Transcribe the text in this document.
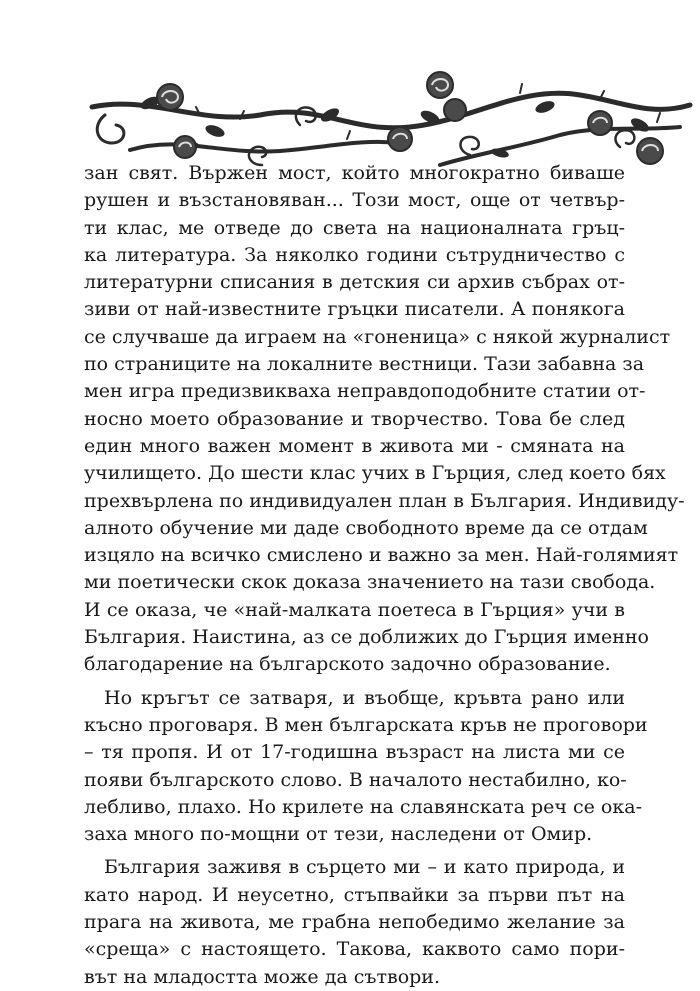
зан свят. Вържен мост, който многократно биваше
рушен и възстановяван... Този мост, още от четвър-
ти клас, ме отведе до света на националната гръц-
ка литература. За няколко години сътрудничество с
литературни списания в детския си архив събрах от-
зиви от най-известните гръцки писатели. А понякога
се случваше да играем на «гоненица» с някой журналист
по страниците на локалните вестници. Тази забавна за
мен игра предизвикваха неправдоподобните статии от-
носно моето образование и творчество. Това бе след
един много важен момент в живота ми - смяната на
училището. До шести клас учих в Гърция, след което бях
прехвърлена по индивидуален план в България. Индивиду-
алното обучение ми даде свободното време да се отдам
изцяло на всичко смислено и важно за мен. Най-голямият
ми поетически скок доказа значението на тази свобода.
И се оказа, че «най-малката поетеса в Гърция» учи в
България. Наистина, аз се доближих до Гърция именно
благодарение на българското задочно образование.
Но кръгът се затваря, и въобще, кръвта рано или
късно проговаря. В мен българската кръв не проговори
– тя пропя. И от 17-годишна възраст на листа ми се
появи българското слово. В началото нестабилно, ко-
лебливо, плахо. Но крилете на славянската реч се ока-
заха много по-мощни от тези, наследени от Омир.
България заживя в сърцето ми – и като природа, и
като народ. И неусетно, стъпвайки за първи път на
прага на живота, ме грабна непобедимо желание за
«среща» с настоящето. Такова, каквото само пори-
вът на младостта може да сътвори.
